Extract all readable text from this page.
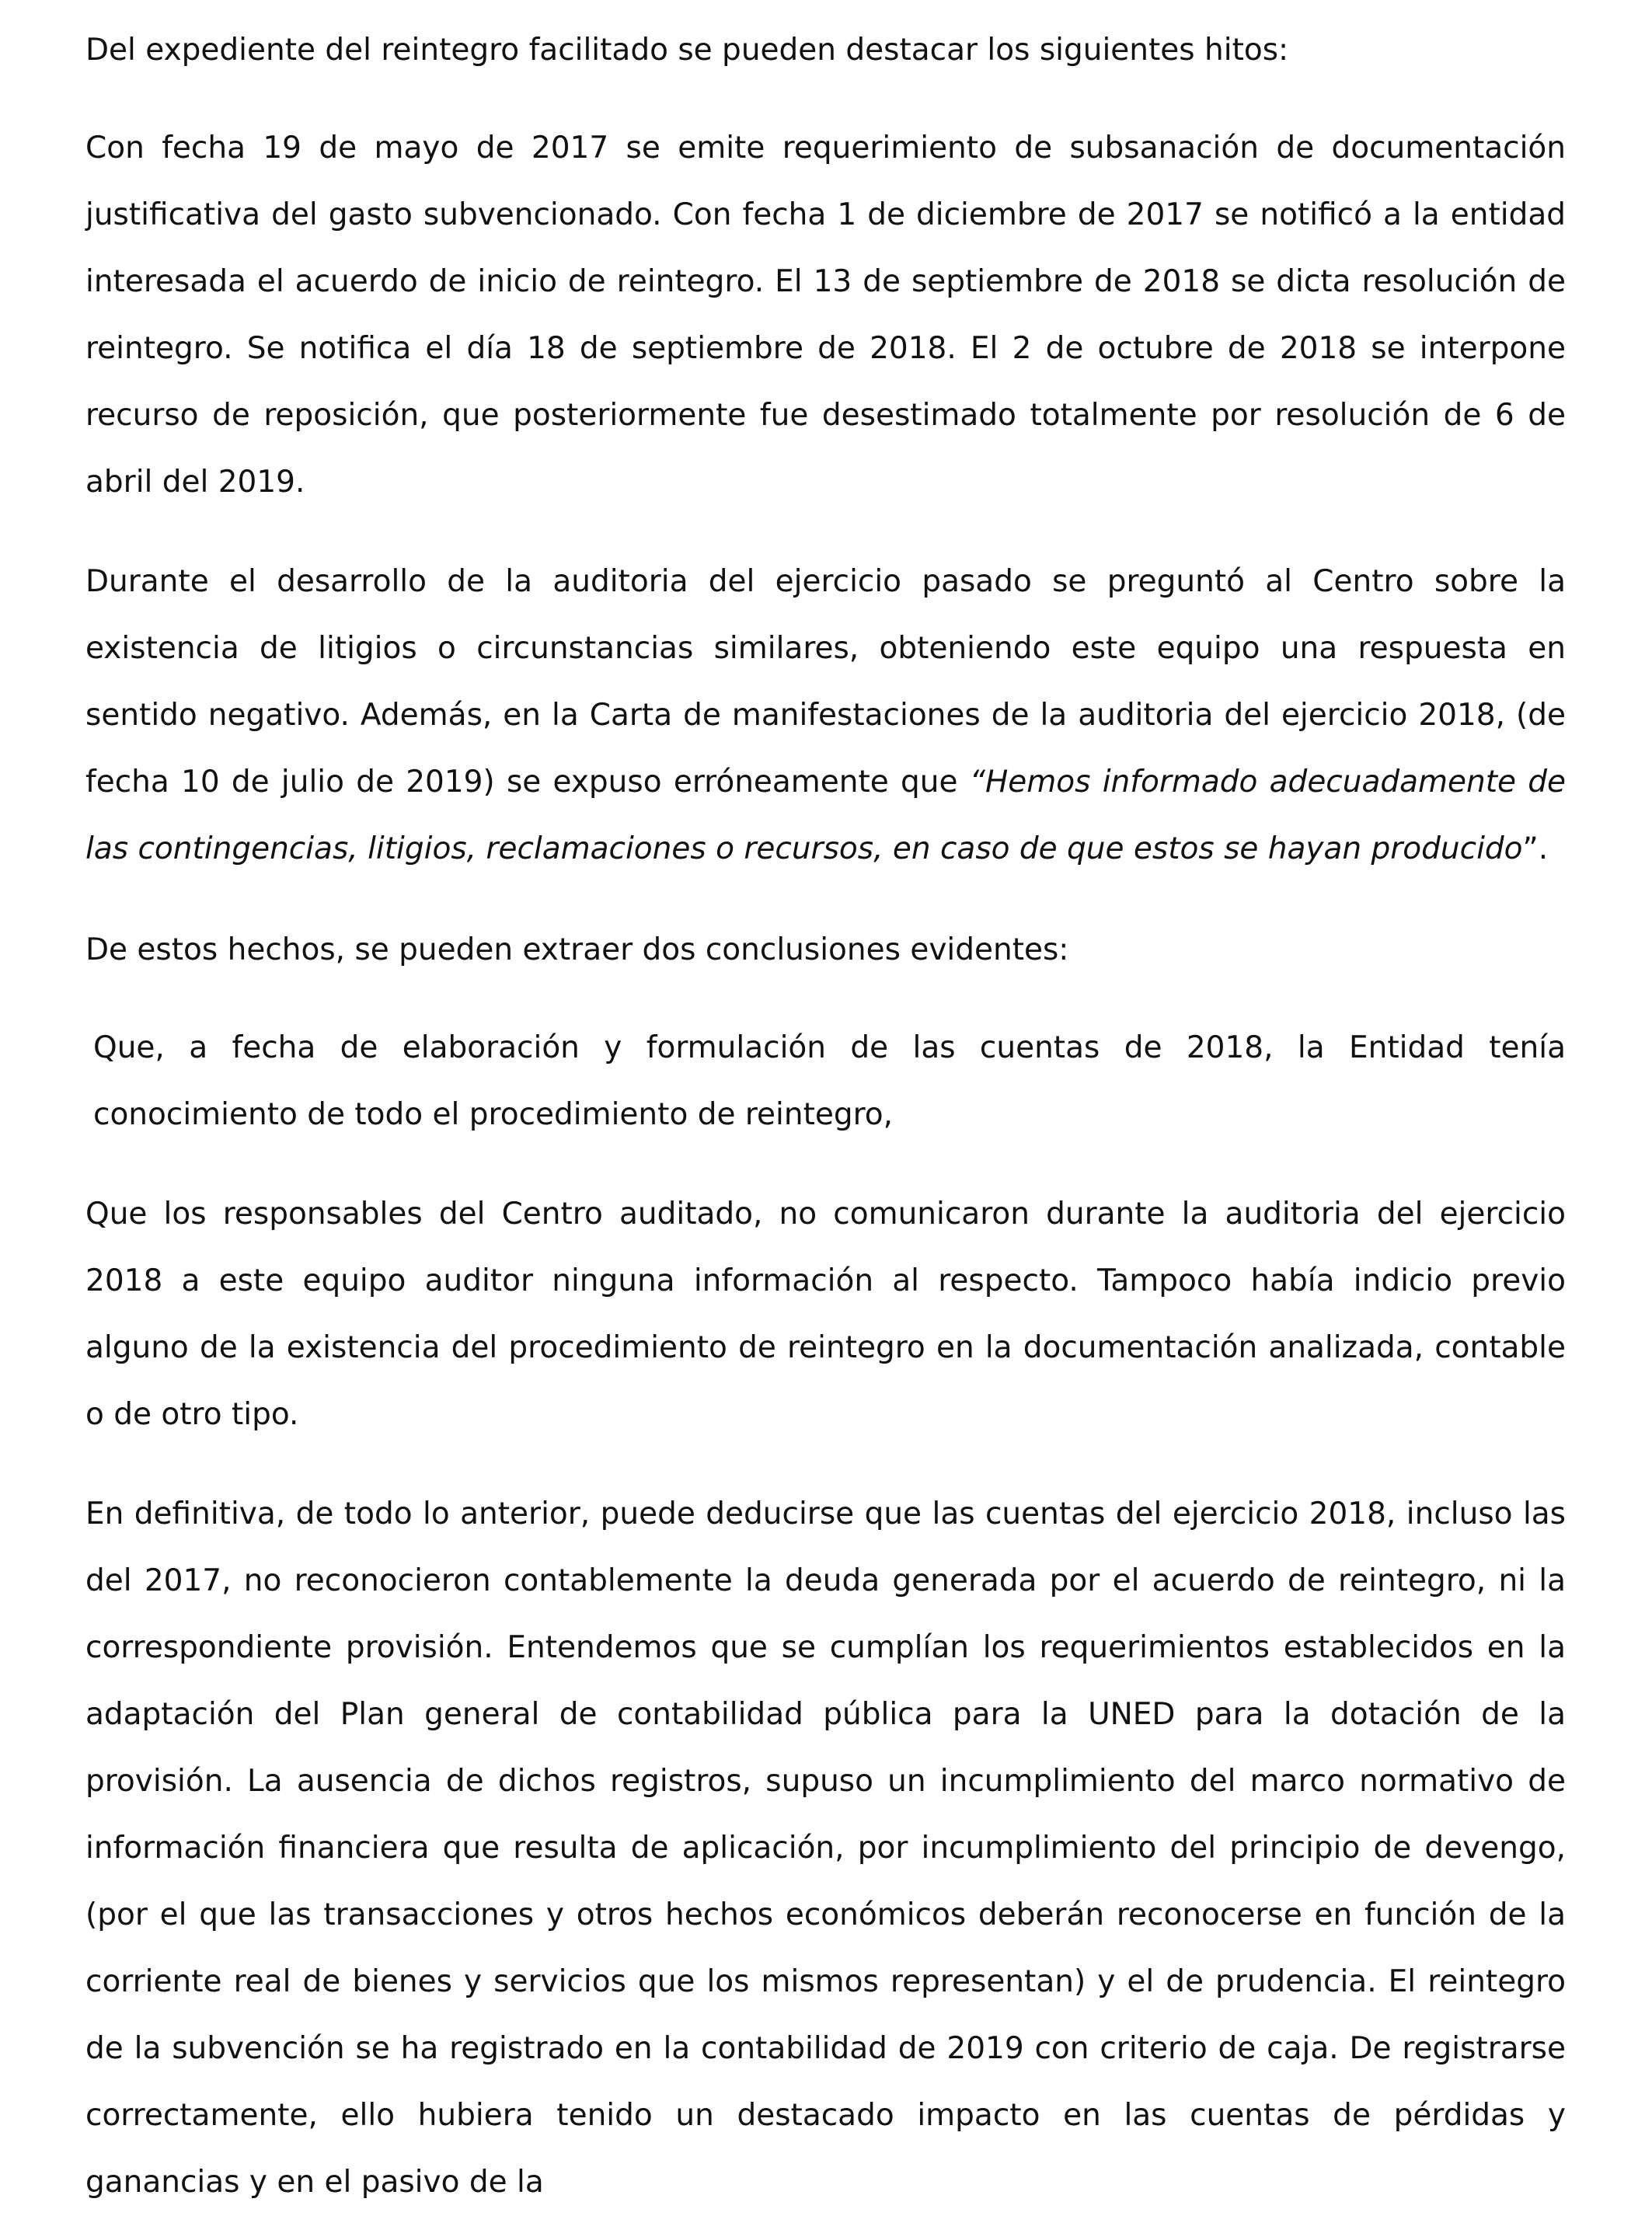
Del expediente del reintegro facilitado se pueden destacar los siguientes hitos:

Con fecha 19 de mayo de 2017 se emite requerimiento de subsanación de documentación justificativa del gasto subvencionado. Con fecha 1 de diciembre de 2017 se notificó a la entidad interesada el acuerdo de inicio de reintegro. El 13 de septiembre de 2018 se dicta resolución de reintegro. Se notifica el día 18 de septiembre de 2018. El 2 de octubre de 2018 se interpone recurso de reposición, que posteriormente fue desestimado totalmente por resolución de 6 de abril del 2019.

Durante el desarrollo de la auditoria del ejercicio pasado se preguntó al Centro sobre la existencia de litigios o circunstancias similares, obteniendo este equipo una respuesta en sentido negativo. Además, en la Carta de manifestaciones de la auditoria del ejercicio 2018, (de fecha 10 de julio de 2019) se expuso erróneamente que “Hemos informado adecuadamente de las contingencias, litigios, reclamaciones o recursos, en caso de que estos se hayan producido”.

De estos hechos, se pueden extraer dos conclusiones evidentes:

Que, a fecha de elaboración y formulación de las cuentas de 2018, la Entidad tenía conocimiento de todo el procedimiento de reintegro,

Que los responsables del Centro auditado, no comunicaron durante la auditoria del ejercicio 2018 a este equipo auditor ninguna información al respecto. Tampoco había indicio previo alguno de la existencia del procedimiento de reintegro en la documentación analizada, contable o de otro tipo.

En definitiva, de todo lo anterior, puede deducirse que las cuentas del ejercicio 2018, incluso las del 2017, no reconocieron contablemente la deuda generada por el acuerdo de reintegro, ni la correspondiente provisión. Entendemos que se cumplían los requerimientos establecidos en la adaptación del Plan general de contabilidad pública para la UNED para la dotación de la provisión. La ausencia de dichos registros, supuso un incumplimiento del marco normativo de información financiera que resulta de aplicación, por incumplimiento del principio de devengo, (por el que las transacciones y otros hechos económicos deberán reconocerse en función de la corriente real de bienes y servicios que los mismos representan) y el de prudencia. El reintegro de la subvención se ha registrado en la contabilidad de 2019 con criterio de caja. De registrarse correctamente, ello hubiera tenido un destacado impacto en las cuentas de pérdidas y ganancias y en el pasivo de la
